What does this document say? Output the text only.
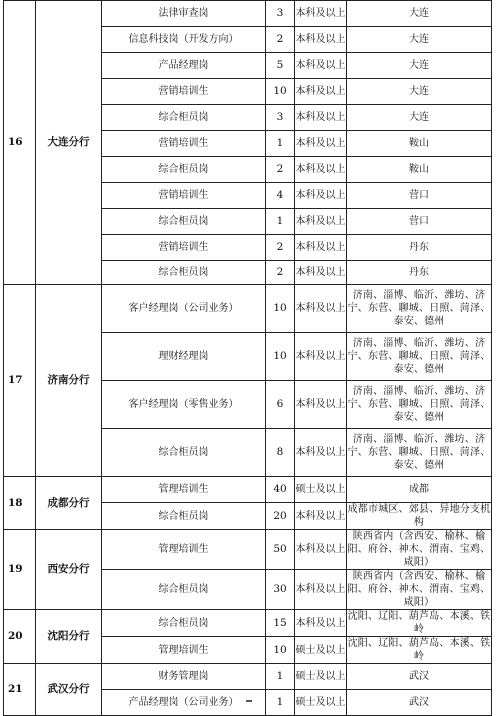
16	大连分行	法律审查岗	3	本科及以上	大连
		信息科技岗（开发方向）	2	本科及以上	大连
		产品经理岗	5	本科及以上	大连
		营销培训生	10	本科及以上	大连
		综合柜员岗	3	本科及以上	大连
		营销培训生	1	本科及以上	鞍山
		综合柜员岗	2	本科及以上	鞍山
		营销培训生	4	本科及以上	营口
		综合柜员岗	1	本科及以上	营口
		营销培训生	2	本科及以上	丹东
		综合柜员岗	2	本科及以上	丹东
17	济南分行	客户经理岗（公司业务）	10	本科及以上	济南、淄博、临沂、潍坊、济宁、东营、聊城、日照、菏泽、泰安、德州
		理财经理岗	10	本科及以上	济南、淄博、临沂、潍坊、济宁、东营、聊城、日照、菏泽、泰安、德州
		客户经理岗（零售业务）	6	本科及以上	济南、淄博、临沂、潍坊、济宁、东营、聊城、日照、菏泽、泰安、德州
		综合柜员岗	8	本科及以上	济南、淄博、临沂、潍坊、济宁、东营、聊城、日照、菏泽、泰安、德州
18	成都分行	管理培训生	40	硕士及以上	成都
		综合柜员岗	20	本科及以上	成都市城区、郊县、异地分支机构
19	西安分行	管理培训生	50	本科及以上	陕西省内（含西安、榆林、榆阳、府谷、神木、渭南、宝鸡、咸阳）
		综合柜员岗	30	本科及以上	陕西省内（含西安、榆林、榆阳、府谷、神木、渭南、宝鸡、咸阳）
20	沈阳分行	综合柜员岗	15	本科及以上	沈阳、辽阳、葫芦岛、本溪、铁岭
		管理培训生	10	硕士及以上	沈阳、辽阳、葫芦岛、本溪、铁岭
21	武汉分行	财务管理岗	1	硕士及以上	武汉
		产品经理岗（公司业务）	1	硕士及以上	武汉
